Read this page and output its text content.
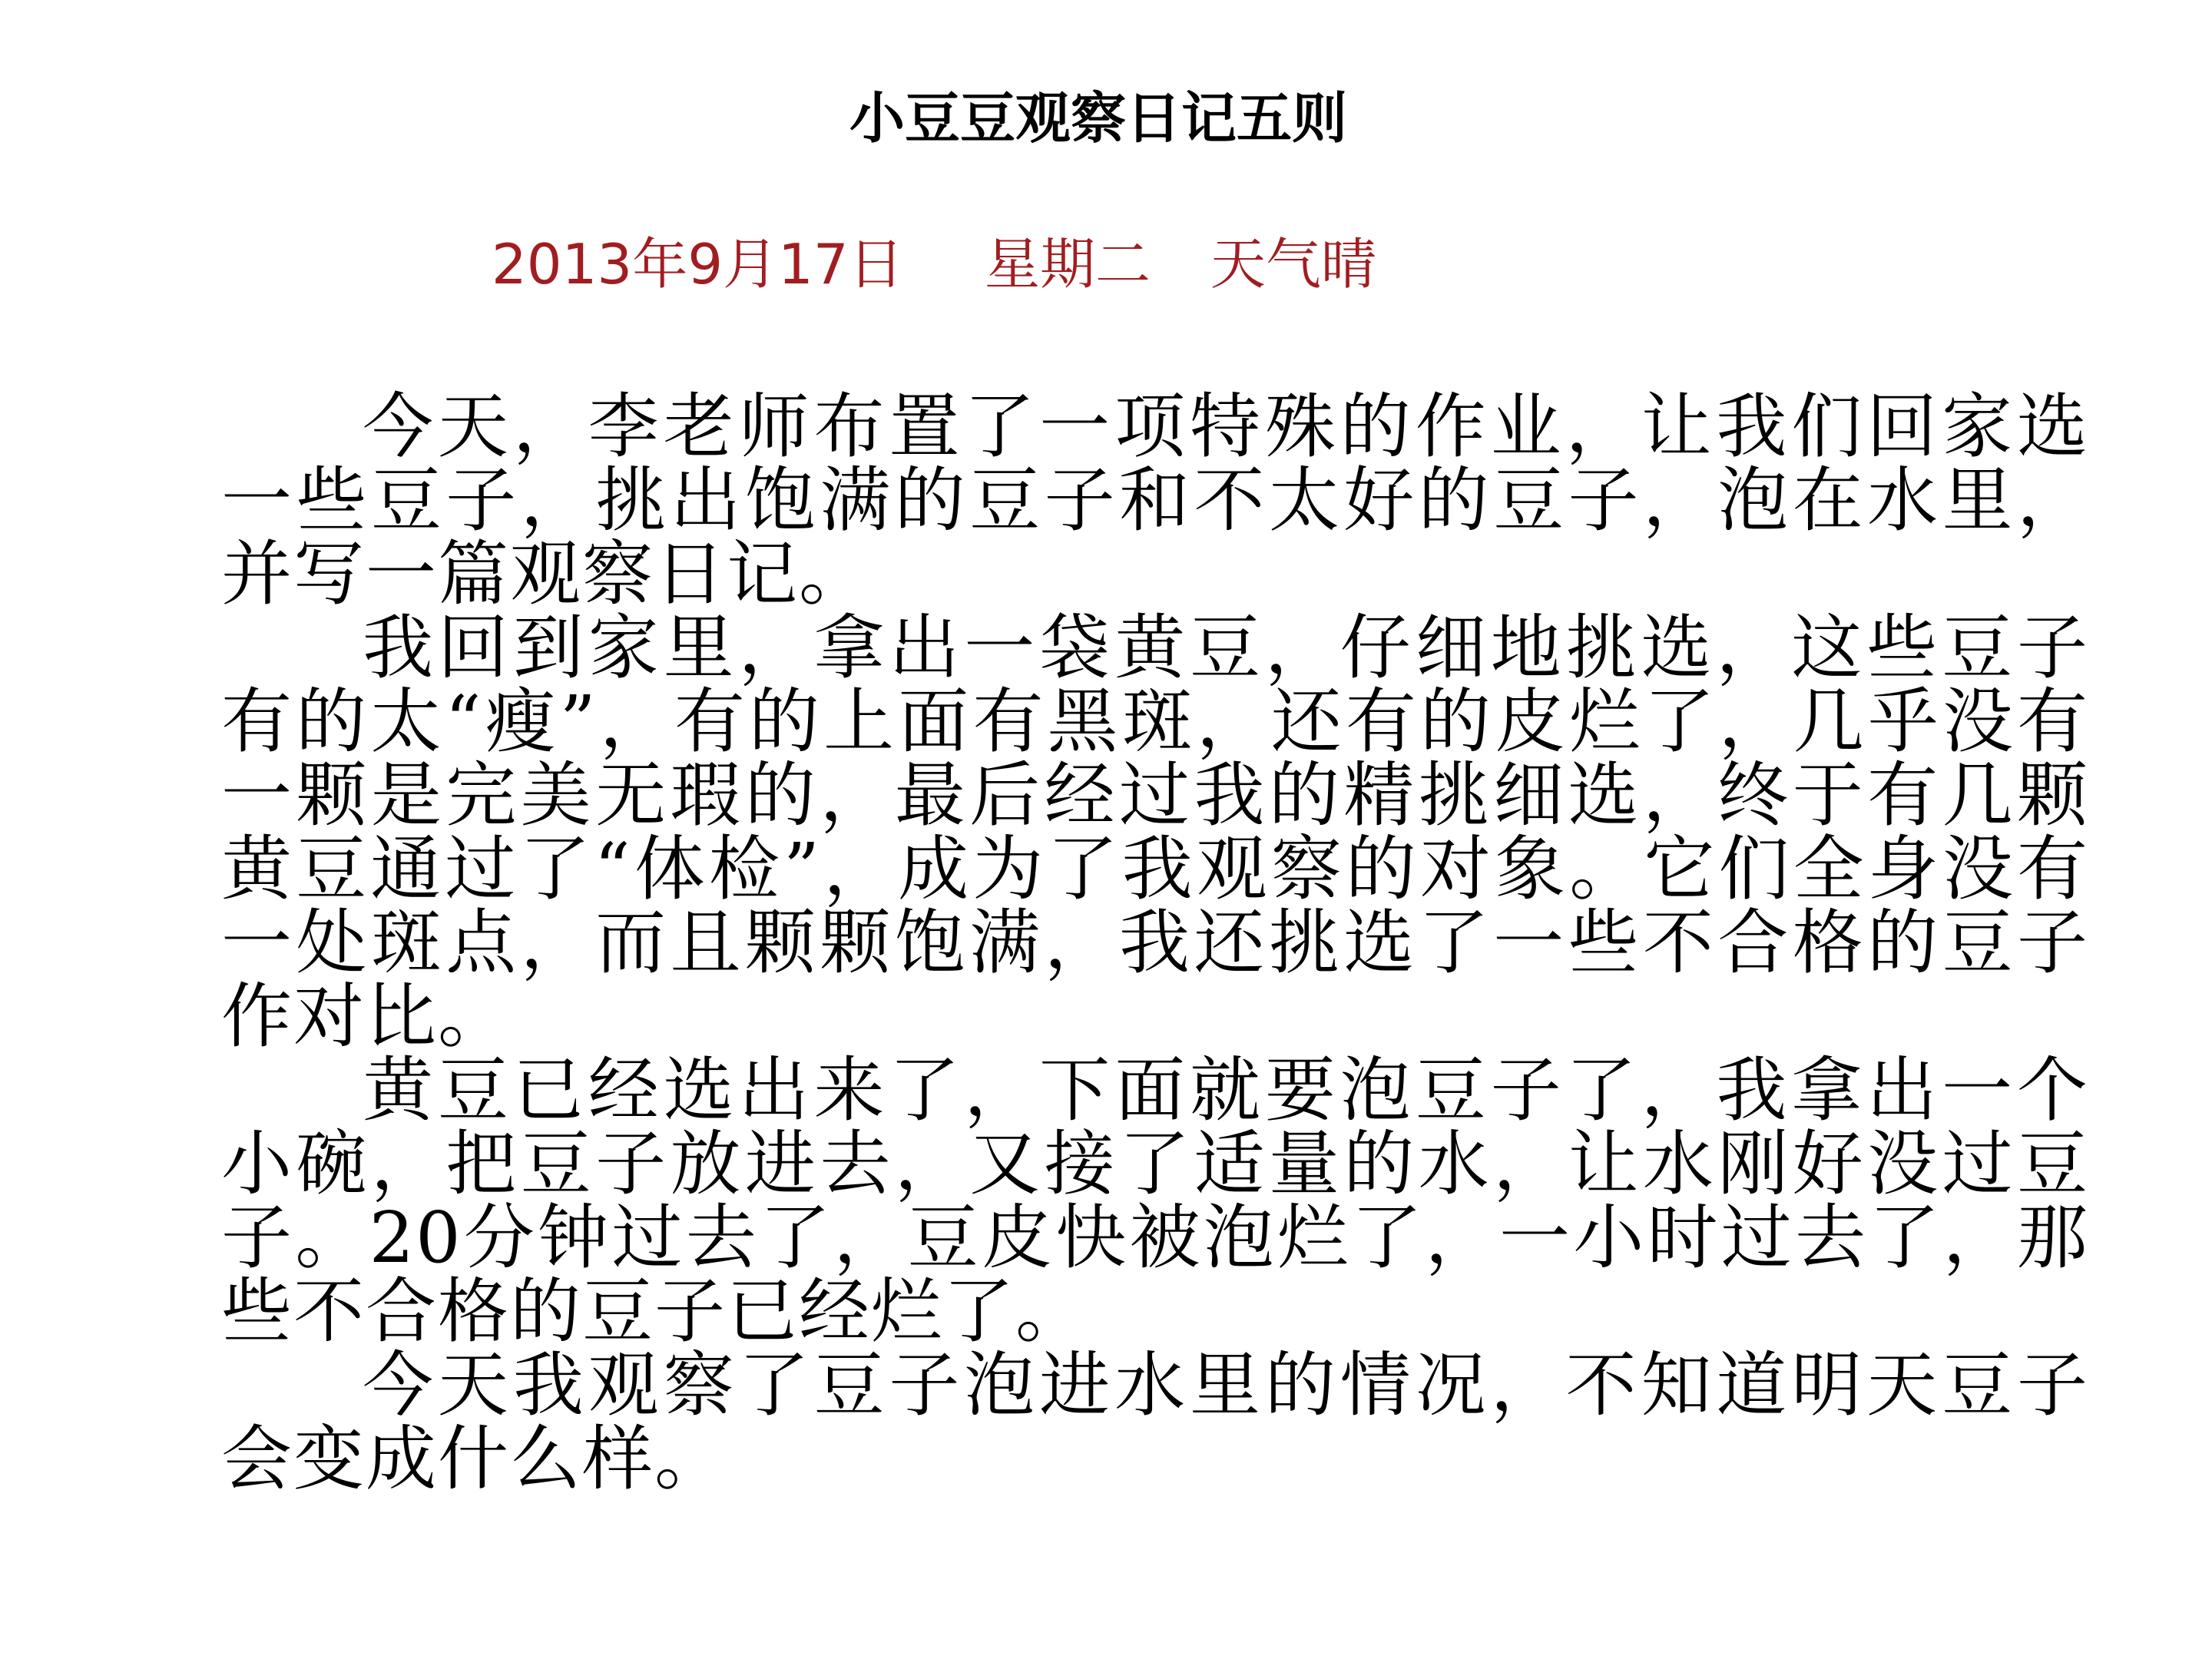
小豆豆观察日记五则
2013年9月17日 星期二 天气晴

今天，李老师布置了一项特殊的作业，让我们回家选一些豆子，挑出饱满的豆子和不太好的豆子，泡在水里，并写一篇观察日记。

我回到家里，拿出一袋黄豆，仔细地挑选，这些豆子有的太“瘦”，有的上面有黑斑，还有的皮烂了，几乎没有一颗是完美无瑕的，最后经过我的精挑细选，终于有几颗黄豆通过了“体检”，成为了我观察的对象。它们全身没有一处斑点，而且颗颗饱满，我还挑选了一些不合格的豆子作对比。

黄豆已经选出来了，下面就要泡豆子了，我拿出一个小碗，把豆子放进去，又接了适量的水，让水刚好没过豆子。20分钟过去了，豆皮快被泡烂了，一小时过去了，那些不合格的豆子已经烂了。

今天我观察了豆子泡进水里的情况，不知道明天豆子会变成什么样。
